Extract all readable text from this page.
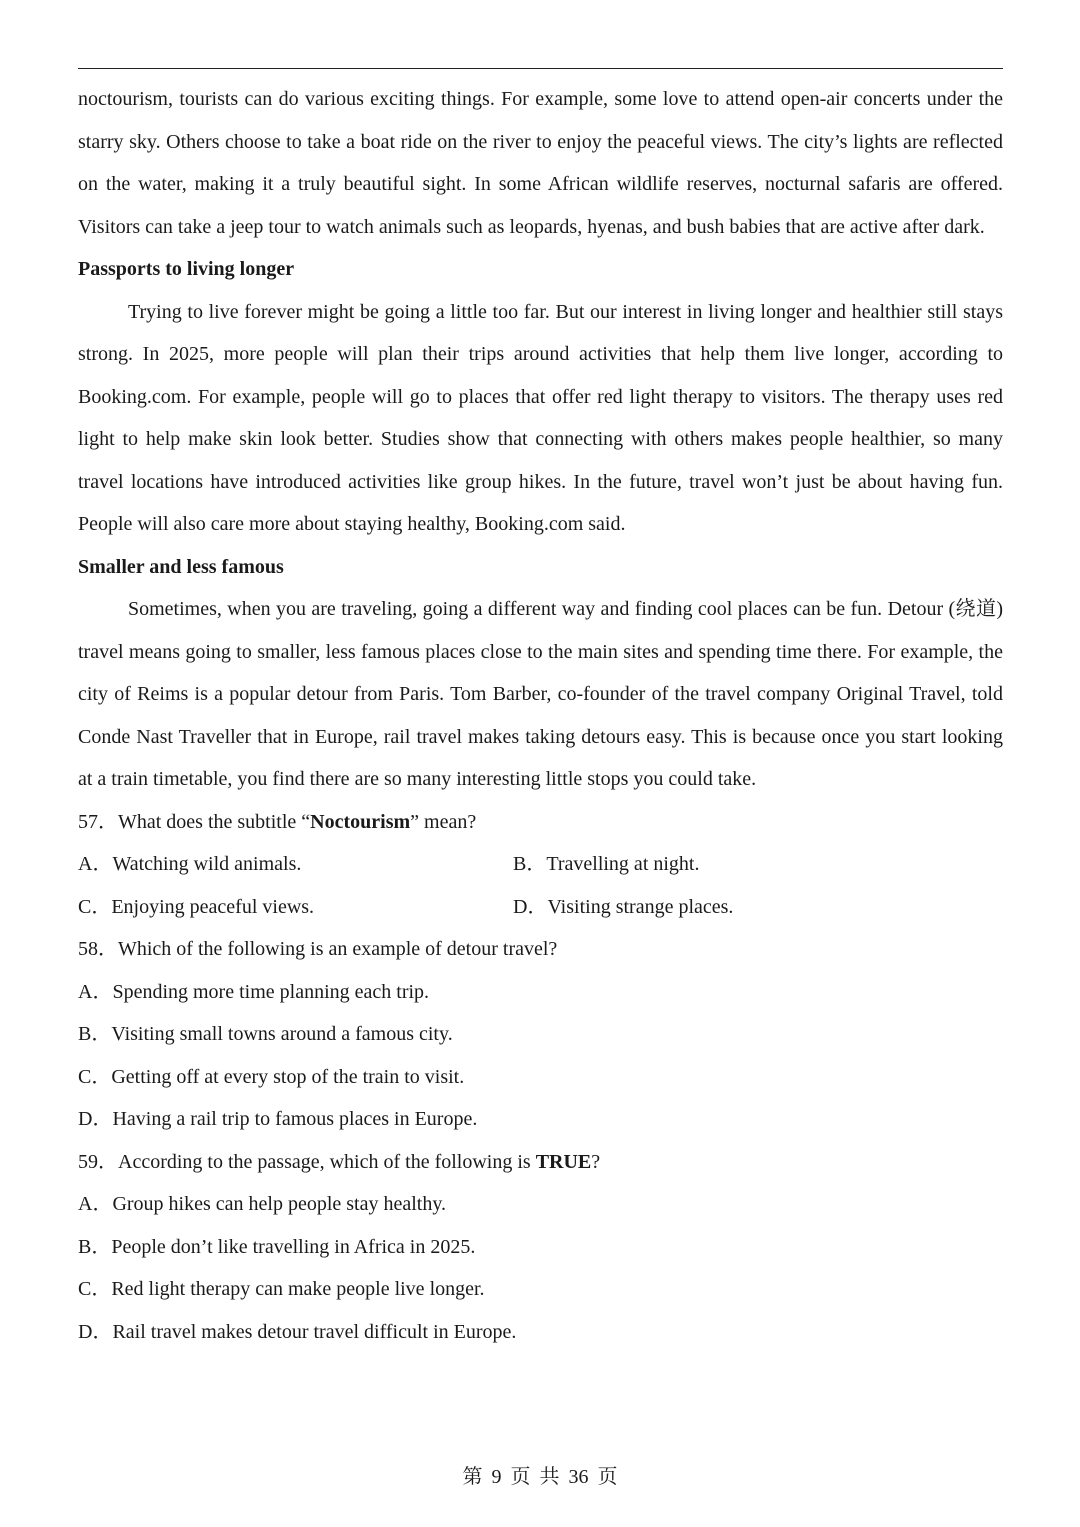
noctourism, tourists can do various exciting things. For example, some love to attend open-air concerts under the starry sky. Others choose to take a boat ride on the river to enjoy the peaceful views. The city’s lights are reflected on the water, making it a truly beautiful sight. In some African wildlife reserves, nocturnal safaris are offered. Visitors can take a jeep tour to watch animals such as leopards, hyenas, and bush babies that are active after dark.

Passports to living longer

Trying to live forever might be going a little too far. But our interest in living longer and healthier still stays strong. In 2025, more people will plan their trips around activities that help them live longer, according to Booking.com. For example, people will go to places that offer red light therapy to visitors. The therapy uses red light to help make skin look better. Studies show that connecting with others makes people healthier, so many travel locations have introduced activities like group hikes. In the future, travel won’t just be about having fun. People will also care more about staying healthy, Booking.com said.

Smaller and less famous

Sometimes, when you are traveling, going a different way and finding cool places can be fun. Detour (绕道) travel means going to smaller, less famous places close to the main sites and spending time there. For example, the city of Reims is a popular detour from Paris. Tom Barber, co-founder of the travel company Original Travel, told Conde Nast Traveller that in Europe, rail travel makes taking detours easy. This is because once you start looking at a train timetable, you find there are so many interesting little stops you could take.

57．What does the subtitle “Noctourism” mean?

A．Watching wild animals.	B．Travelling at night.
C．Enjoying peaceful views.	D．Visiting strange places.

58．Which of the following is an example of detour travel?

A．Spending more time planning each trip.

B．Visiting small towns around a famous city.

C．Getting off at every stop of the train to visit.

D．Having a rail trip to famous places in Europe.

59．According to the passage, which of the following is TRUE?

A．Group hikes can help people stay healthy.

B．People don’t like travelling in Africa in 2025.

C．Red light therapy can make people live longer.

D．Rail travel makes detour travel difficult in Europe.

第 9 页 共 36 页
